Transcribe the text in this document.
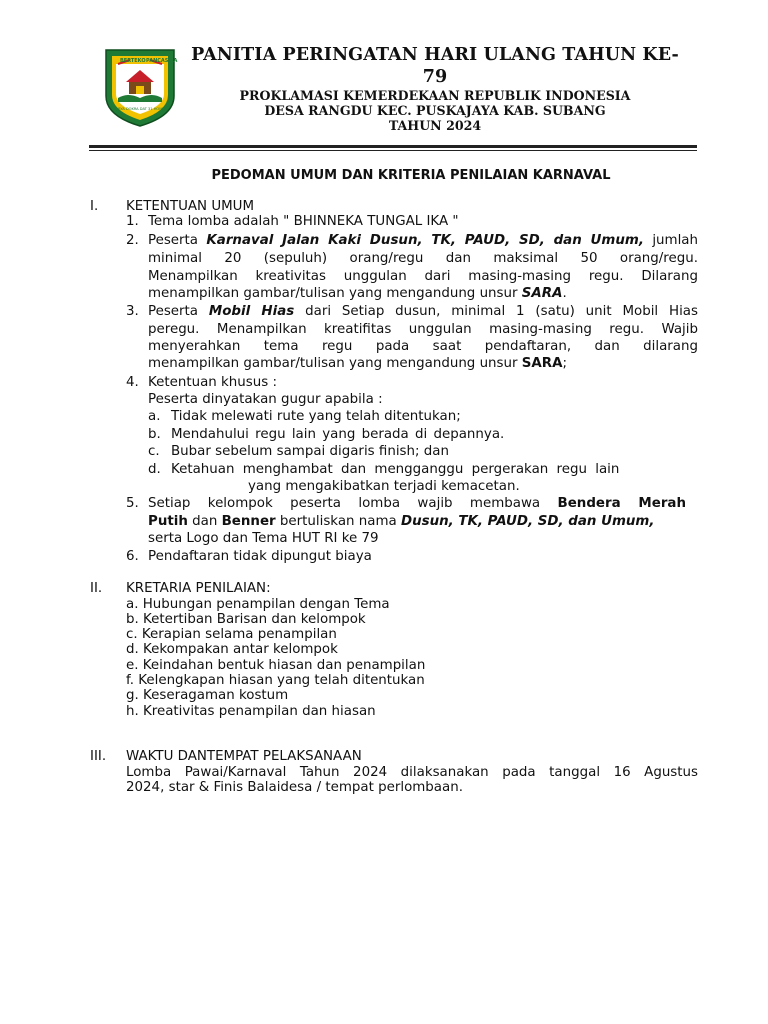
BERTEKO PANCASILA
KARYA DOKRA DAT 31 HONTR
PANITIA PERINGATAN HARI ULANG TAHUN KE-79
PROKLAMASI KEMERDEKAAN REPUBLIK INDONESIA
DESA RANGDU KEC. PUSKAJAYA KAB. SUBANG
TAHUN 2024
PEDOMAN UMUM DAN KRITERIA PENILAIAN KARNAVAL
I. KETENTUAN UMUM
1. Tema lomba adalah " BHINNEKA TUNGAL IKA "
2. Peserta Karnaval Jalan Kaki Dusun, TK, PAUD, SD, dan Umum, jumlah
minimal 20 (sepuluh) orang/regu dan maksimal 50 orang/regu.
Menampilkan kreativitas unggulan dari masing-masing regu. Dilarang
menampilkan gambar/tulisan yang mengandung unsur SARA.
3. Peserta Mobil Hias dari Setiap dusun, minimal 1 (satu) unit Mobil Hias
peregu. Menampilkan kreatifitas unggulan masing-masing regu. Wajib
menyerahkan tema regu pada saat pendaftaran, dan dilarang
menampilkan gambar/tulisan yang mengandung unsur SARA;
4. Ketentuan khusus :
Peserta dinyatakan gugur apabila :
a. Tidak melewati rute yang telah ditentukan;
b. Mendahului regu lain yang berada di depannya.
c. Bubar sebelum sampai digaris finish; dan
d. Ketahuan menghambat dan mengganggu pergerakan regu lain
yang mengakibatkan terjadi kemacetan.
5. Setiap kelompok peserta lomba wajib membawa Bendera Merah
Putih dan Benner bertuliskan nama Dusun, TK, PAUD, SD, dan Umum,
serta Logo dan Tema HUT RI ke 79
6. Pendaftaran tidak dipungut biaya
II. KRETARIA PENILAIAN:
a. Hubungan penampilan dengan Tema
b. Ketertiban Barisan dan kelompok
c. Kerapian selama penampilan
d. Kekompakan antar kelompok
e. Keindahan bentuk hiasan dan penampilan
f. Kelengkapan hiasan yang telah ditentukan
g. Keseragaman kostum
h. Kreativitas penampilan dan hiasan
III. WAKTU DANTEMPAT PELAKSANAAN
Lomba Pawai/Karnaval Tahun 2024 dilaksanakan pada tanggal 16 Agustus
2024, star & Finis Balaidesa / tempat perlombaan.
